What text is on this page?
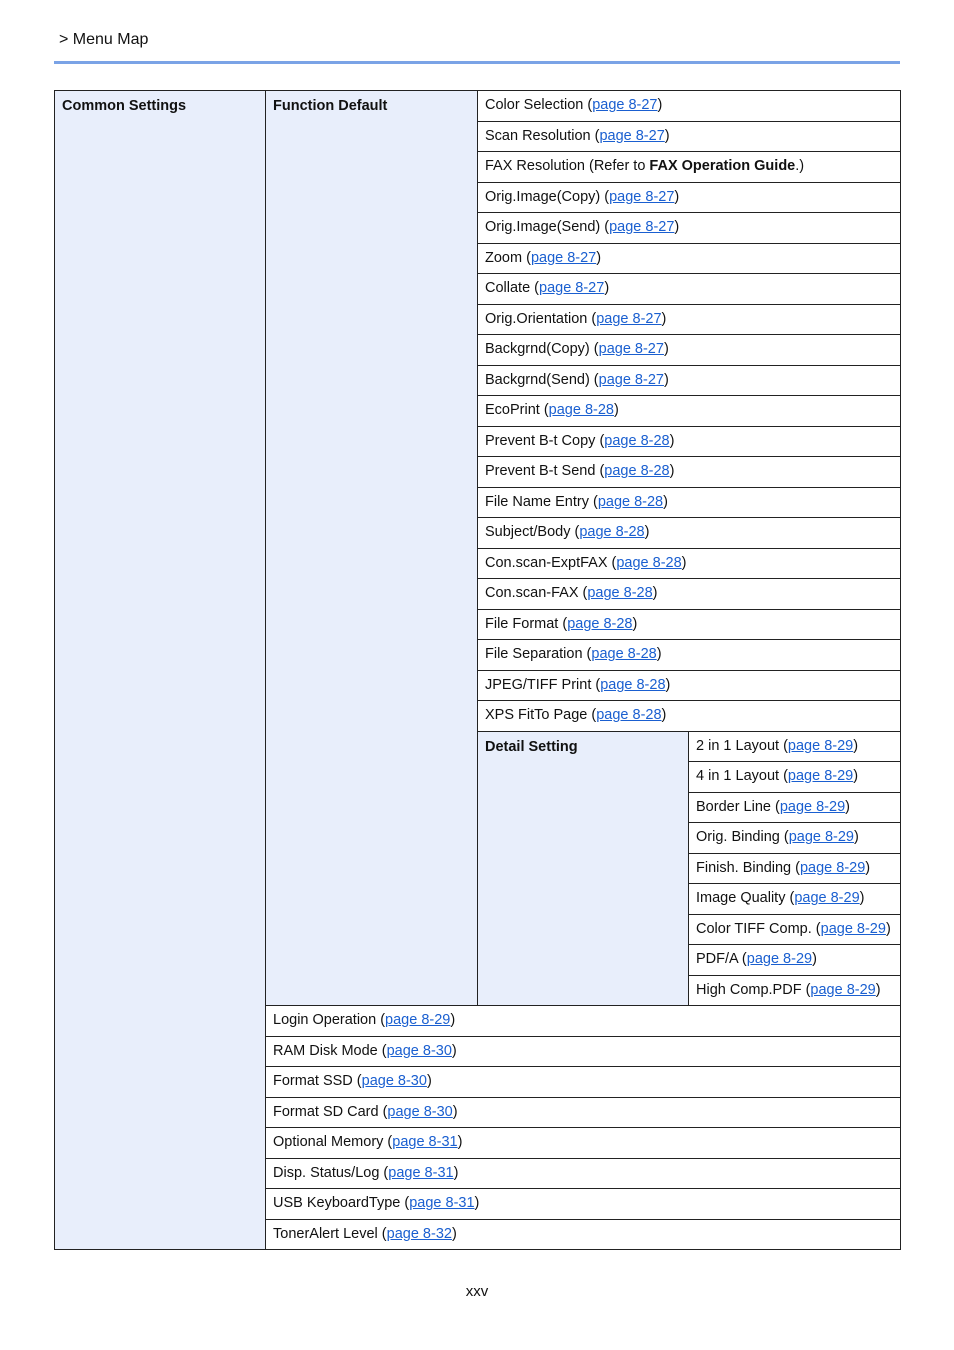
> Menu Map
Common Settings	Function Default	Color Selection (page 8-27)	
		Scan Resolution (page 8-27)	
		FAX Resolution (Refer to FAX Operation Guide.)	
		Orig.Image(Copy) (page 8-27)	
		Orig.Image(Send) (page 8-27)	
		Zoom (page 8-27)	
		Collate (page 8-27)	
		Orig.Orientation (page 8-27)	
		Backgrnd(Copy) (page 8-27)	
		Backgrnd(Send) (page 8-27)	
		EcoPrint (page 8-28)	
		Prevent B-t Copy (page 8-28)	
		Prevent B-t Send (page 8-28)	
		File Name Entry (page 8-28)	
		Subject/Body (page 8-28)	
		Con.scan-ExptFAX (page 8-28)	
		Con.scan-FAX (page 8-28)	
		File Format (page 8-28)	
		File Separation (page 8-28)	
		JPEG/TIFF Print (page 8-28)	
		XPS FitTo Page (page 8-28)	
		Detail Setting	2 in 1 Layout (page 8-29)
			4 in 1 Layout (page 8-29)
			Border Line (page 8-29)
			Orig. Binding (page 8-29)
			Finish. Binding (page 8-29)
			Image Quality (page 8-29)
			Color TIFF Comp. (page 8-29)
			PDF/A (page 8-29)
			High Comp.PDF (page 8-29)
	Login Operation (page 8-29)		
	RAM Disk Mode (page 8-30)		
	Format SSD (page 8-30)		
	Format SD Card (page 8-30)		
	Optional Memory (page 8-31)		
	Disp. Status/Log (page 8-31)		
	USB KeyboardType (page 8-31)		
	TonerAlert Level (page 8-32)		
xxv
